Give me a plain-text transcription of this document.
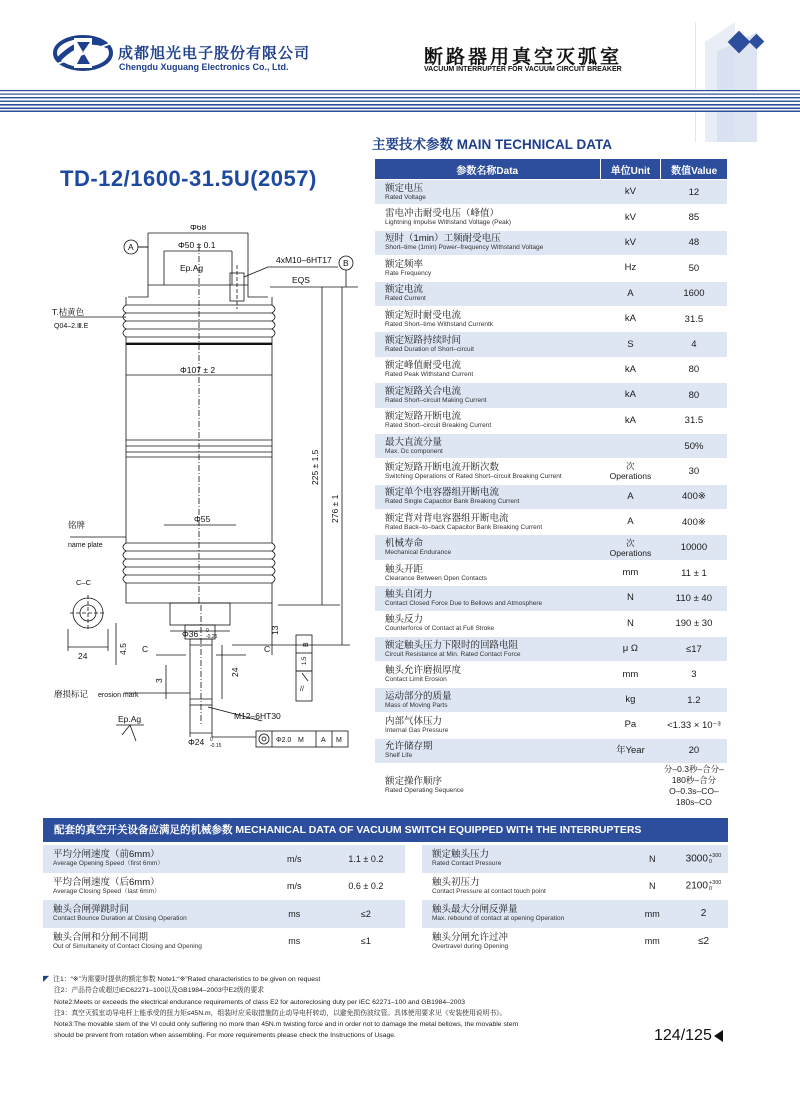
成都旭光电子股份有限公司
Chengdu Xuguang Electronics Co., Ltd.	断路器用真空灭弧室
VACUUM INTERRUPTER FOR VACUUM CIRCUIT BREAKER
TD-12/1600-31.5U(2057)
A
B
Φ68
Φ50 ± 0.1
Ep.Ag
4xM10–6HT17
EQS
T.桔黄色
Q04–2.Ⅲ.E
Φ107 ± 2
225 ± 1.5
276 ± 1
Φ55
铭牌
name plate
C–C
24
4.5 C	C
Φ36 0 -0.25
13
3
24
1.5
B
//
磨损标记 erosion mark
Ep.Ag	M12–6HT30
Φ24 0 -0.15
Φ2.0 M A M
主要技术参数 MAIN TECHNICAL DATA
参数名称Data	单位Unit	数值Value

额定电压
Rated Voltage	kV	12

雷电冲击耐受电压（峰值）
Lightning Impulse Withstand Voltage (Peak)	kV	85

短时（1min）工频耐受电压
Short–time (1min) Power–frequency Withstand Voltage	kV	48

额定频率
Rate Frequency	Hz	50

额定电流
Rated Current	A	1600

额定短时耐受电流
Rated Short–time Withstand Currentk	kA	31.5

额定短路持续时间
Rated Duration of Short–circuit	S	4

额定峰值耐受电流
Rated Peak Withstand Current	kA	80

额定短路关合电流
Rated Short–circuit Making Current	kA	80

额定短路开断电流
Rated Short–circuit Breaking Current	kA	31.5

最大直流分量
Max. Dc component		50%

额定短路开断电流开断次数
Switching Operations of Rated Short–circuit Breaking Current	次
Operations	30

额定单个电容器组开断电流
Rated Single Capacitor Bank Breaking Current	A	400※

额定背对背电容器组开断电流
Rated Back–to–back Capacitor Bank Breaking Current	A	400※

机械寿命
Mechanical Endurance	次
Operations	10000

触头开距
Clearance Between Open Contacts	mm	11 ± 1

触头自闭力
Contact Closed Force Due to Bellows and Atmosphere	N	110 ± 40

触头反力
Counterforce of Contact at Full Stroke	N	190 ± 30

额定触头压力下限时的回路电阻
Circuit Resistance at Min. Rated Contact Force	μ Ω	≤17

触头允许磨损厚度
Contact Limit Erosion	mm	3

运动部分的质量
Mass of Moving Parts	kg	1.2

内部气体压力
Internal Gas Pressure	Pa	<1.33 × 10⁻³

允许储存期
Shelf Life	年Year	20

额定操作顺序
Rated Operating Sequence		分–0.3秒–合分–180秒–合分
O–0.3s–CO–180s–CO
配套的真空开关设备应满足的机械参数 MECHANICAL DATA OF VACUUM SWITCH EQUIPPED WITH THE INTERRUPTERS
平均分闸速度（前6mm）
Average Opening Speed（first 6mm）	m/s	1.1 ± 0.2		额定触头压力
Rated Contact Pressure	N	3000 +300
0

平均合闸速度（后6mm）
Average Closing Speed（last 6mm）	m/s	0.6 ± 0.2		触头初压力
Contact Pressure at contact touch point	N	2100 +300
0

触头合闸弹跳时间
Contact Bounce Duration at Closing Operation	ms	≤2		触头最大分闸反弹量
Max. rebound of contact at opening Operation	mm	2

触头合闸和分闸不同期
Out of Simultaneity of Contact Closing and Opening	ms	≤1		触头分闸允许过冲
Overtravel during Opening	mm	≤2
◤ 注1：“※”为需要时提供的额定参数 Note1:“※”Rated characteristics to be given on request
注2：产品符合或超过IEC62271–100以及GB1984–2003中E2级的要求
Note2:Meets or exceeds the electrical endurance requirements of class E2 for autoreclosing duty per IEC 62271–100 and GB1984–2003
注3：真空灭弧室动导电杆上能承受的扭力矩≤45N.m，组装时应采取措施防止动导电杆转动，以避免损伤波纹管。具体使用要求见《安装使用说明书》。
Note3:The movable stem of the VI could only suffering no more than 45N.m twisting force and in order not to damage the metal bellows, the movable stem
should be prevent from rotation when assembling. For more requirements please check the Instructions of Usage.	124/125
